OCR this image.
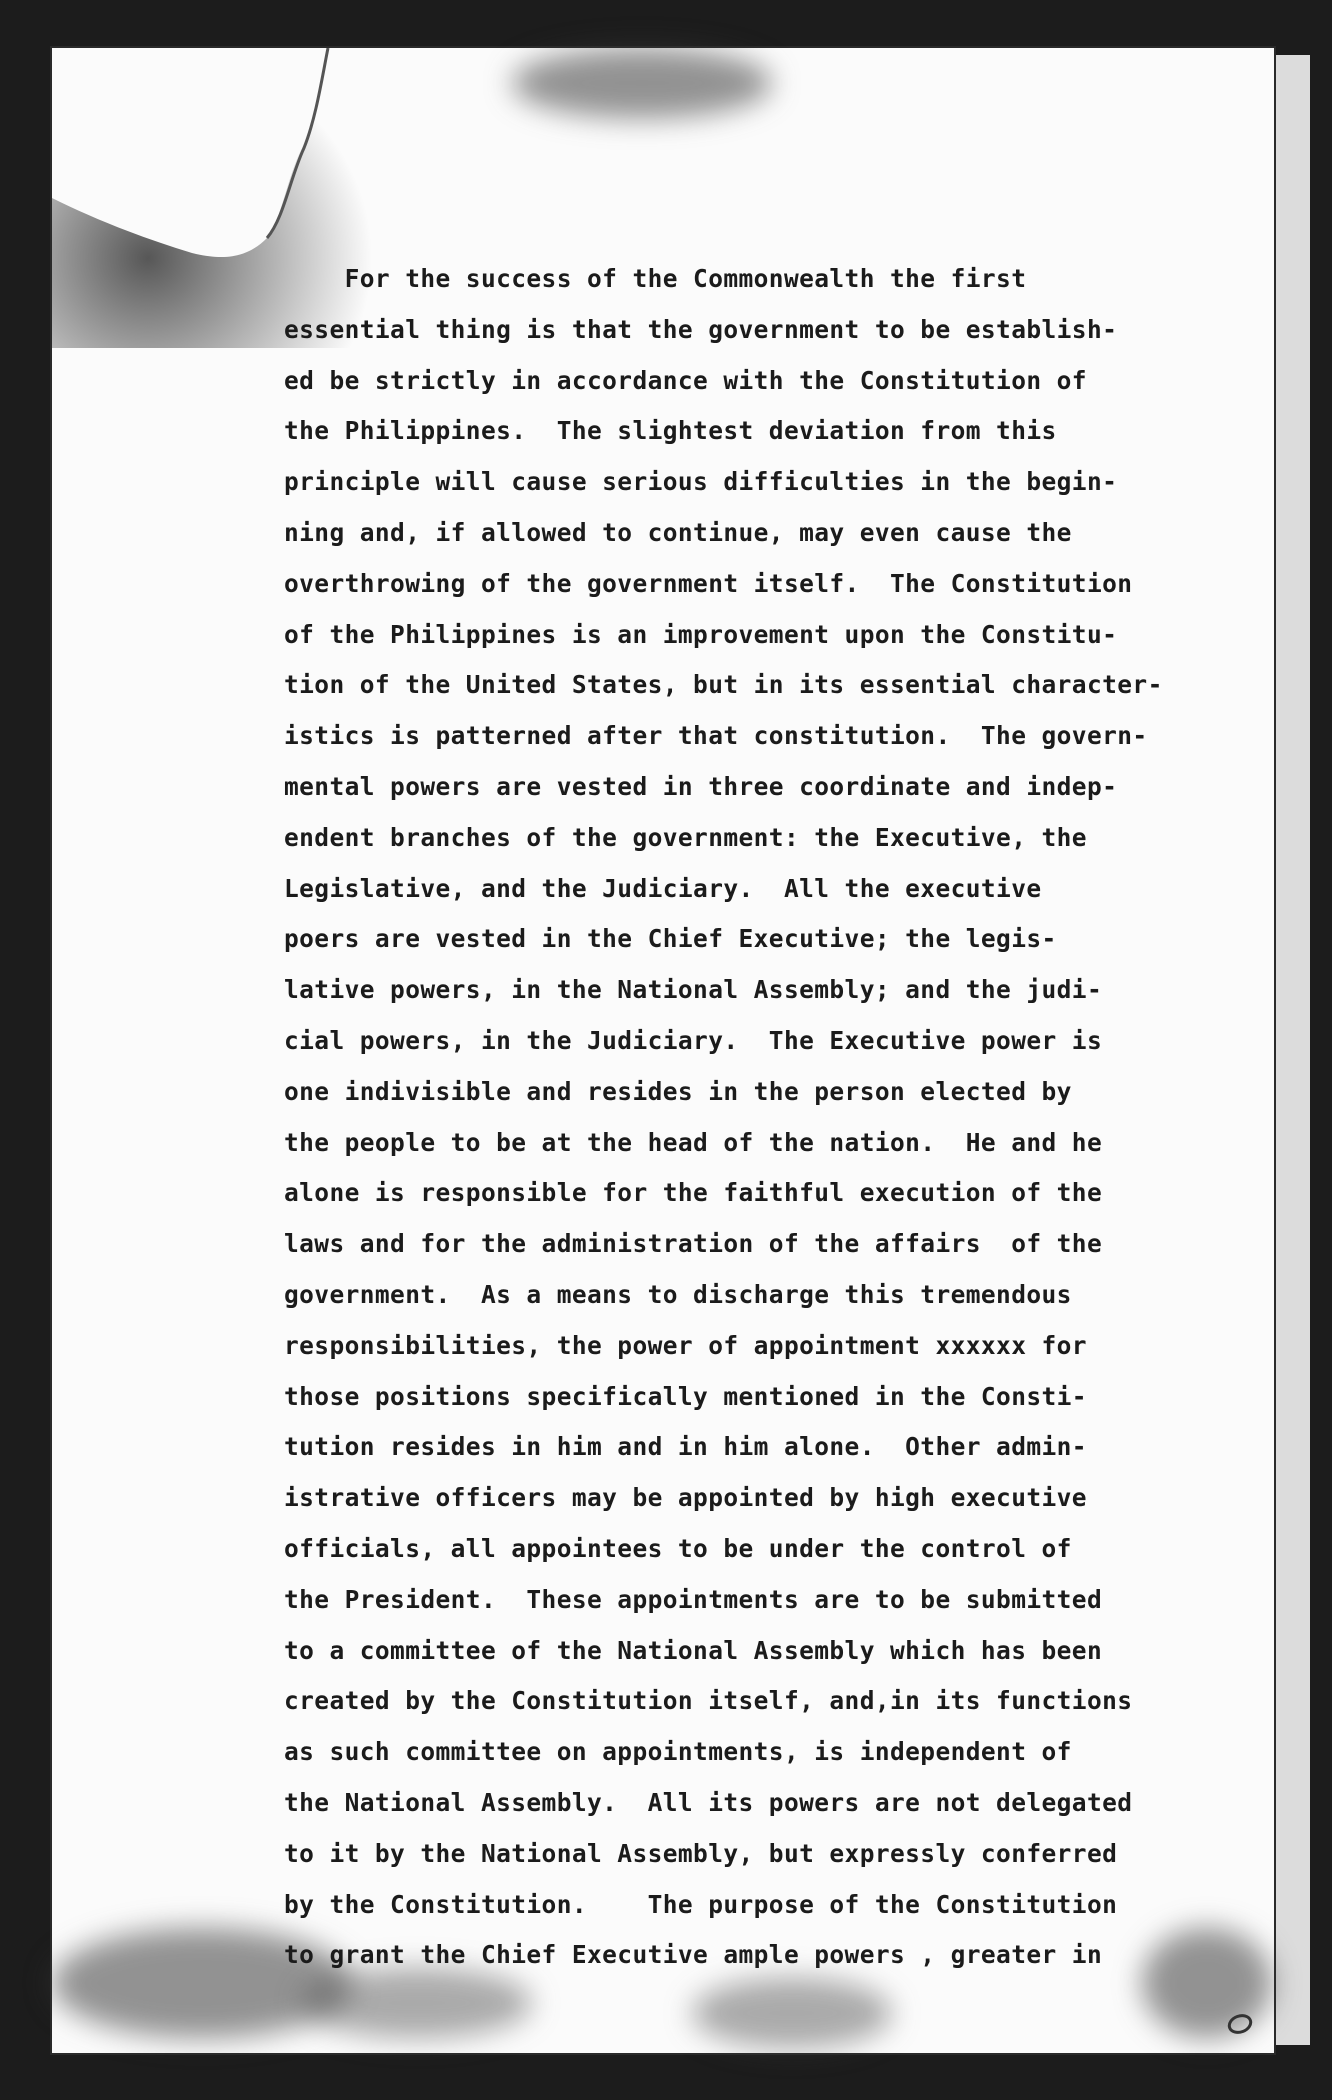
For the success of the Commonwealth the first
essential thing is that the government to be establish-
ed be strictly in accordance with the Constitution of
the Philippines.  The slightest deviation from this
principle will cause serious difficulties in the begin-
ning and, if allowed to continue, may even cause the
overthrowing of the government itself.  The Constitution
of the Philippines is an improvement upon the Constitu-
tion of the United States, but in its essential character-
istics is patterned after that constitution.  The govern-
mental powers are vested in three coordinate and indep-
endent branches of the government: the Executive, the
Legislative, and the Judiciary.  All the executive
poers are vested in the Chief Executive; the legis-
lative powers, in the National Assembly; and the judi-
cial powers, in the Judiciary.  The Executive power is
one indivisible and resides in the person elected by
the people to be at the head of the nation.  He and he
alone is responsible for the faithful execution of the
laws and for the administration of the affairs  of the
government.  As a means to discharge this tremendous
responsibilities, the power of appointment xxxxxx for
those positions specifically mentioned in the Consti-
tution resides in him and in him alone.  Other admin-
istrative officers may be appointed by high executive
officials, all appointees to be under the control of
the President.  These appointments are to be submitted
to a committee of the National Assembly which has been
created by the Constitution itself, and,in its functions
as such committee on appointments, is independent of
the National Assembly.  All its powers are not delegated
to it by the National Assembly, but expressly conferred
by the Constitution.    The purpose of the Constitution
to grant the Chief Executive ample powers , greater in
